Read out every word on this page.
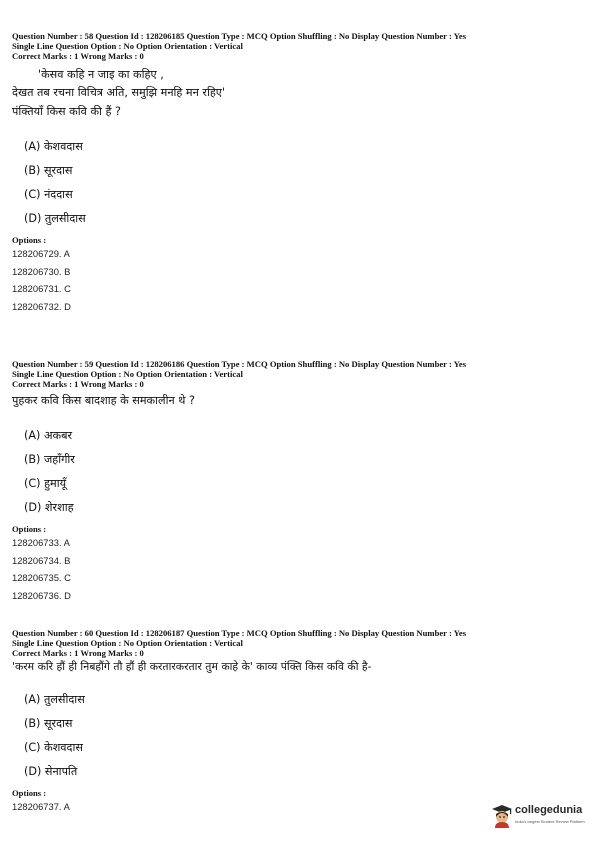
Question Number : 58 Question Id : 128206185 Question Type : MCQ Option Shuffling : No Display Question Number : Yes
Single Line Question Option : No Option Orientation : Vertical
Correct Marks : 1 Wrong Marks : 0
'केसव कहि न जाइ का कहिए ,
देखत तब रचना विचित्र अति, समुझि मनहि मन रहिए'
पंक्तियाँ किस कवि की हैं ?
(A) केशवदास
(B) सूरदास
(C) नंददास
(D) तुलसीदास
Options :
128206729. A
128206730. B
128206731. C
128206732. D
Question Number : 59 Question Id : 128206186 Question Type : MCQ Option Shuffling : No Display Question Number : Yes
Single Line Question Option : No Option Orientation : Vertical
Correct Marks : 1 Wrong Marks : 0
पुहकर कवि किस बादशाह के समकालीन थे ?
(A) अकबर
(B) जहाँगीर
(C) हुमायूँ
(D) शेरशाह
Options :
128206733. A
128206734. B
128206735. C
128206736. D
Question Number : 60 Question Id : 128206187 Question Type : MCQ Option Shuffling : No Display Question Number : Yes
Single Line Question Option : No Option Orientation : Vertical
Correct Marks : 1 Wrong Marks : 0
'करम करि हौं ही निबहौंगे तौ हौं ही करतारकरतार तुम काहे के' काव्य पंक्ति किस कवि की है-
(A) तुलसीदास
(B) सूरदास
(C) केशवदास
(D) सेनापति
Options :
128206737. A	collegedunia
India's largest Student Review Platform
